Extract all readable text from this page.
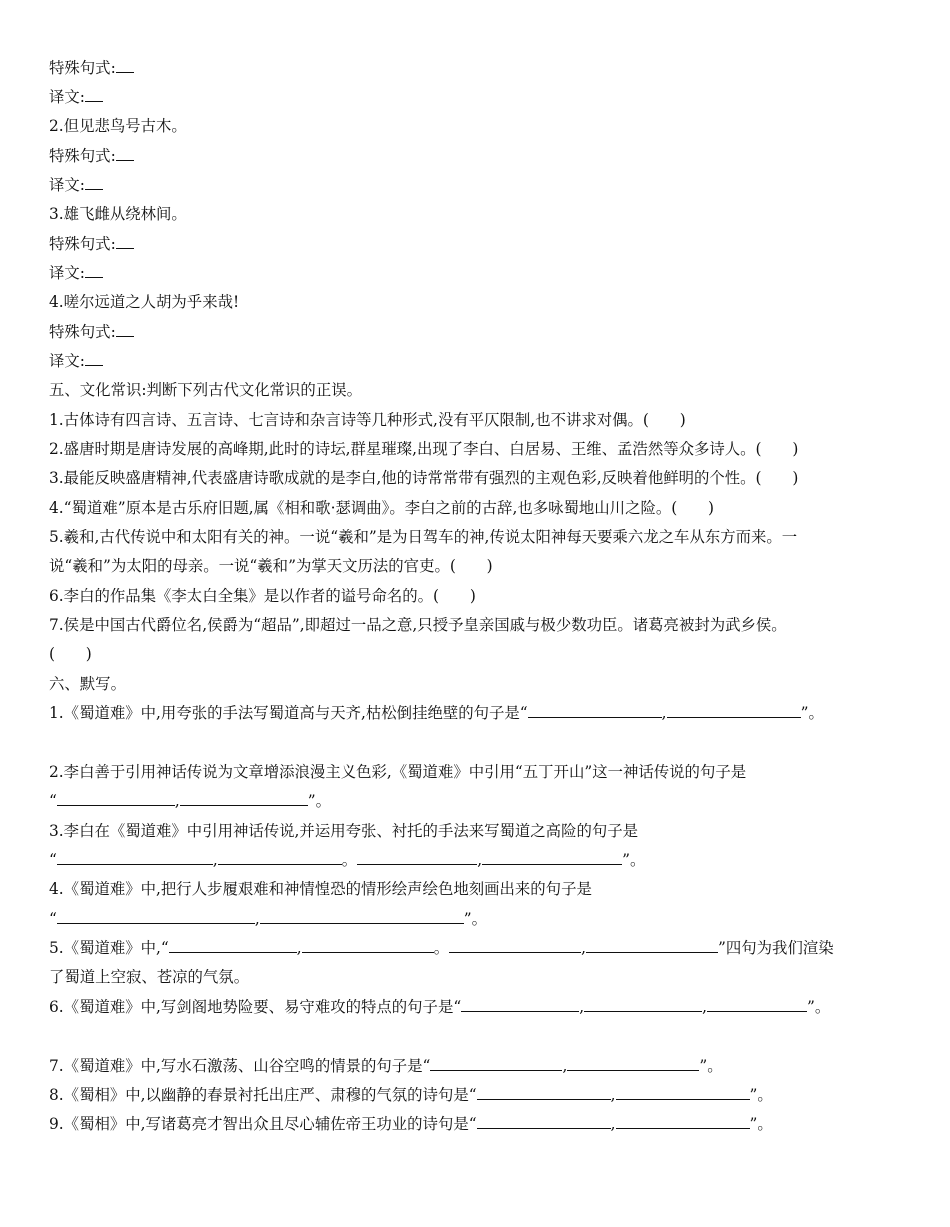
特殊句式:
译文:
2.但见悲鸟号古木。
特殊句式:
译文:
3.雄飞雌从绕林间。
特殊句式:
译文:
4.嗟尔远道之人胡为乎来哉!
特殊句式:
译文:
五、文化常识:判断下列古代文化常识的正误。
1.古体诗有四言诗、五言诗、七言诗和杂言诗等几种形式,没有平仄限制,也不讲求对偶。(　　)
2.盛唐时期是唐诗发展的高峰期,此时的诗坛,群星璀璨,出现了李白、白居易、王维、孟浩然等众多诗人。(　　)
3.最能反映盛唐精神,代表盛唐诗歌成就的是李白,他的诗常常带有强烈的主观色彩,反映着他鲜明的个性。(　　)
4.“蜀道难”原本是古乐府旧题,属《相和歌·瑟调曲》。李白之前的古辞,也多咏蜀地山川之险。(　　)
5.羲和,古代传说中和太阳有关的神。一说“羲和”是为日驾车的神,传说太阳神每天要乘六龙之车从东方而来。一
说“羲和”为太阳的母亲。一说“羲和”为掌天文历法的官吏。(　　)
6.李白的作品集《李太白全集》是以作者的谥号命名的。(　　)
7.侯是中国古代爵位名,侯爵为“超品”,即超过一品之意,只授予皇亲国戚与极少数功臣。诸葛亮被封为武乡侯。
(　　)
六、默写。
1.《蜀道难》中,用夸张的手法写蜀道高与天齐,枯松倒挂绝壁的句子是“	,	”。
2.李白善于引用神话传说为文章增添浪漫主义色彩,《蜀道难》中引用“五丁开山”这一神话传说的句子是
“	,	”。
3.李白在《蜀道难》中引用神话传说,并运用夸张、衬托的手法来写蜀道之高险的句子是
“	,	。	,	”。
4.《蜀道难》中,把行人步履艰难和神情惶恐的情形绘声绘色地刻画出来的句子是
“	,	”。
5.《蜀道难》中,“	,	。	,	”四句为我们渲染
了蜀道上空寂、苍凉的气氛。
6.《蜀道难》中,写剑阁地势险要、易守难攻的特点的句子是“	,	,	”。
7.《蜀道难》中,写水石激荡、山谷空鸣的情景的句子是“	,	”。
8.《蜀相》中,以幽静的春景衬托出庄严、肃穆的气氛的诗句是“	,	”。
9.《蜀相》中,写诸葛亮才智出众且尽心辅佐帝王功业的诗句是“	,	”。
